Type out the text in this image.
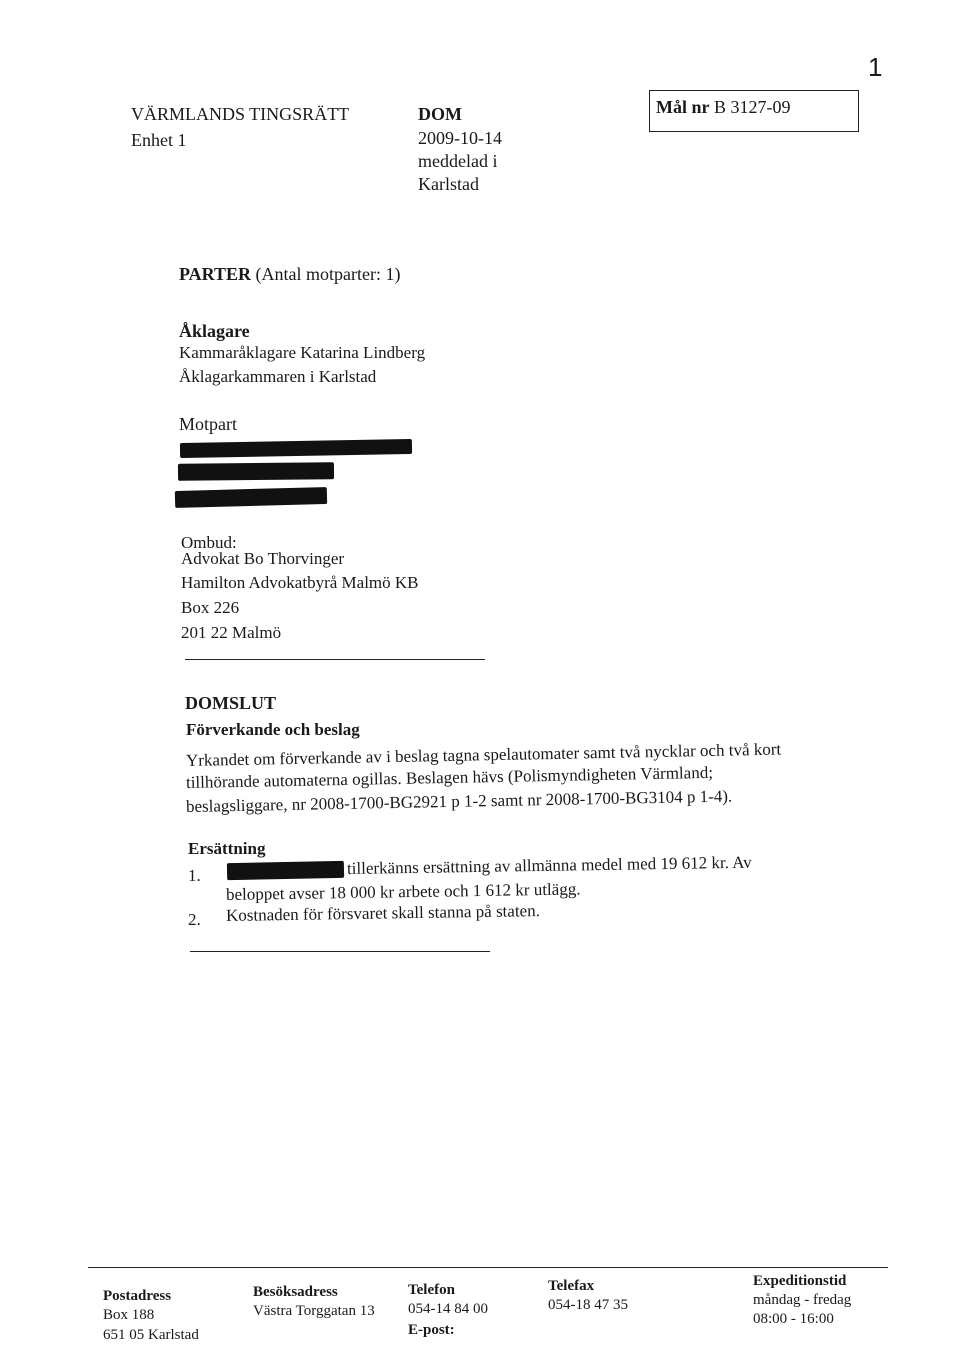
1
VÄRMLANDS TINGSRÄTT
Enhet 1
DOM
2009-10-14
meddelad i
Karlstad
Mål nr B 3127-09
PARTER (Antal motparter: 1)
Åklagare
Kammaråklagare Katarina Lindberg
Åklagarkammaren i Karlstad
Motpart
Ombud:
Advokat Bo Thorvinger
Hamilton Advokatbyrå Malmö KB
Box 226
201 22 Malmö
DOMSLUT
Förverkande och beslag
Yrkandet om förverkande av i beslag tagna spelautomater samt två nycklar och två kort
tillhörande automaterna ogillas. Beslagen hävs (Polismyndigheten Värmland;
beslagsliggare, nr 2008-1700-BG2921 p 1-2 samt nr 2008-1700-BG3104 p 1-4).
Ersättning
1.	tillerkänns ersättning av allmänna medel med 19 612 kr. Av
beloppet avser 18 000 kr arbete och 1 612 kr utlägg.
2. Kostnaden för försvaret skall stanna på staten.
Postadress
Box 188
651 05 Karlstad
Besöksadress
Västra Torggatan 13
Telefon
054-14 84 00
E-post:
Telefax
054-18 47 35
Expeditionstid
måndag - fredag
08:00 - 16:00
